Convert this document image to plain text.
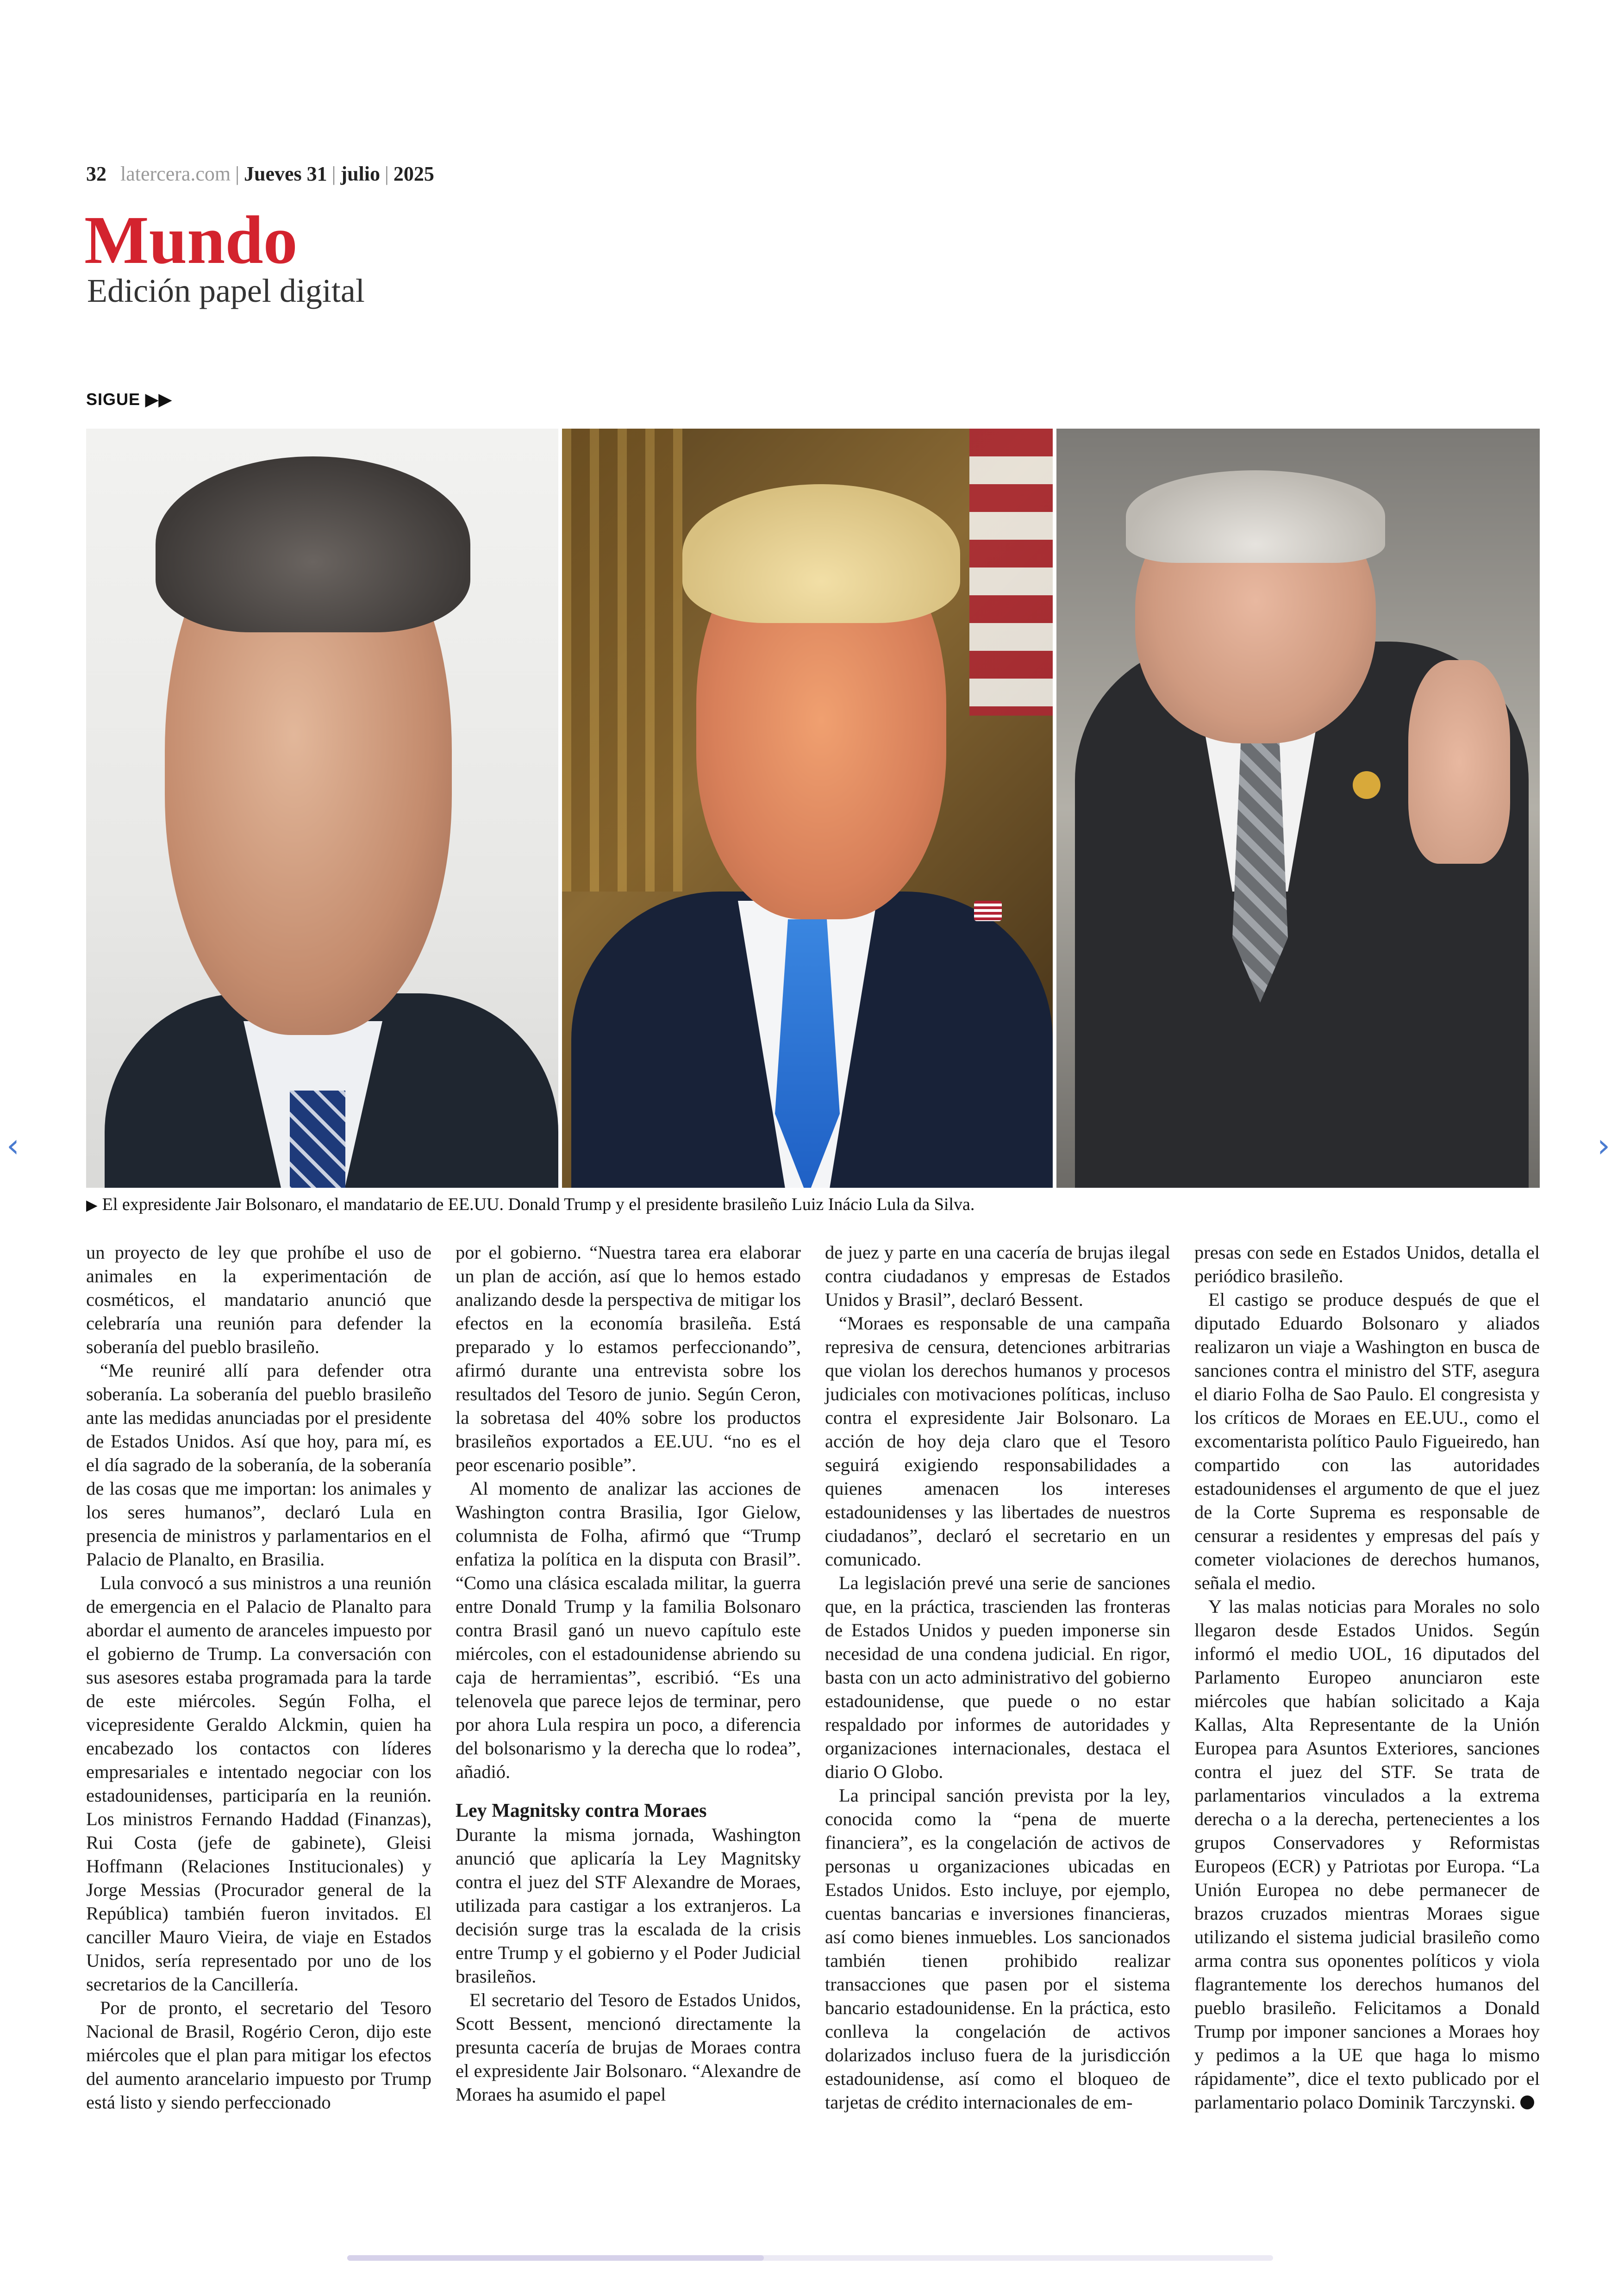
32 latercera.com | Jueves 31 | julio | 2025
Mundo
Edición papel digital
SIGUE ▶▶
‹	›
▶ El expresidente Jair Bolsonaro, el mandatario de EE.UU. Donald Trump y el presidente brasileño Luiz Inácio Lula da Silva.

un proyecto de ley que prohíbe el uso de animales en la experimentación de cosméticos, el mandatario anunció que celebraría una reunión para defender la soberanía del pueblo brasileño.

“Me reuniré allí para defender otra soberanía. La soberanía del pueblo brasileño ante las medidas anunciadas por el presidente de Estados Unidos. Así que hoy, para mí, es el día sagrado de la soberanía, de la soberanía de las cosas que me importan: los animales y los seres humanos”, declaró Lula en presencia de ministros y parlamentarios en el Palacio de Planalto, en Brasilia.

Lula convocó a sus ministros a una reunión de emergencia en el Palacio de Planalto para abordar el aumento de aranceles impuesto por el gobierno de Trump. La conversación con sus asesores estaba programada para la tarde de este miércoles. Según Folha, el vicepresidente Geraldo Alckmin, quien ha encabezado los contactos con líderes empresariales e intentado negociar con los estadounidenses, participaría en la reunión. Los ministros Fernando Haddad (Finanzas), Rui Costa (jefe de gabinete), Gleisi Hoffmann (Relaciones Institucionales) y Jorge Messias (Procurador general de la República) también fueron invitados. El canciller Mauro Vieira, de viaje en Estados Unidos, sería representado por uno de los secretarios de la Cancillería.

Por de pronto, el secretario del Tesoro Nacional de Brasil, Rogério Ceron, dijo este miércoles que el plan para mitigar los efectos del aumento arancelario impuesto por Trump está listo y siendo perfeccionado

por el gobierno. “Nuestra tarea era elaborar un plan de acción, así que lo hemos estado analizando desde la perspectiva de mitigar los efectos en la economía brasileña. Está preparado y lo estamos perfeccionando”, afirmó durante una entrevista sobre los resultados del Tesoro de junio. Según Ceron, la sobretasa del 40% sobre los productos brasileños exportados a EE.UU. “no es el peor escenario posible”.

Al momento de analizar las acciones de Washington contra Brasilia, Igor Gielow, columnista de Folha, afirmó que “Trump enfatiza la política en la disputa con Brasil”. “Como una clásica escalada militar, la guerra entre Donald Trump y la familia Bolsonaro contra Brasil ganó un nuevo capítulo este miércoles, con el estadounidense abriendo su caja de herramientas”, escribió. “Es una telenovela que parece lejos de terminar, pero por ahora Lula respira un poco, a diferencia del bolsonarismo y la derecha que lo rodea”, añadió.

Ley Magnitsky contra Moraes

Durante la misma jornada, Washington anunció que aplicaría la Ley Magnitsky contra el juez del STF Alexandre de Moraes, utilizada para castigar a los extranjeros. La decisión surge tras la escalada de la crisis entre Trump y el gobierno y el Poder Judicial brasileños.

El secretario del Tesoro de Estados Unidos, Scott Bessent, mencionó directamente la presunta cacería de brujas de Moraes contra el expresidente Jair Bolsonaro. “Alexandre de Moraes ha asumido el papel

de juez y parte en una cacería de brujas ilegal contra ciudadanos y empresas de Estados Unidos y Brasil”, declaró Bessent.

“Moraes es responsable de una campaña represiva de censura, detenciones arbitrarias que violan los derechos humanos y procesos judiciales con motivaciones políticas, incluso contra el expresidente Jair Bolsonaro. La acción de hoy deja claro que el Tesoro seguirá exigiendo responsabilidades a quienes amenacen los intereses estadounidenses y las libertades de nuestros ciudadanos”, declaró el secretario en un comunicado.

La legislación prevé una serie de sanciones que, en la práctica, trascienden las fronteras de Estados Unidos y pueden imponerse sin necesidad de una condena judicial. En rigor, basta con un acto administrativo del gobierno estadounidense, que puede o no estar respaldado por informes de autoridades y organizaciones internacionales, destaca el diario O Globo.

La principal sanción prevista por la ley, conocida como la “pena de muerte financiera”, es la congelación de activos de personas u organizaciones ubicadas en Estados Unidos. Esto incluye, por ejemplo, cuentas bancarias e inversiones financieras, así como bienes inmuebles. Los sancionados también tienen prohibido realizar transacciones que pasen por el sistema bancario estadounidense. En la práctica, esto conlleva la congelación de activos dolarizados incluso fuera de la jurisdicción estadounidense, así como el bloqueo de tarjetas de crédito internacionales de em-

presas con sede en Estados Unidos, detalla el periódico brasileño.

El castigo se produce después de que el diputado Eduardo Bolsonaro y aliados realizaron un viaje a Washington en busca de sanciones contra el ministro del STF, asegura el diario Folha de Sao Paulo. El congresista y los críticos de Moraes en EE.UU., como el excomentarista político Paulo Figueiredo, han compartido con las autoridades estadounidenses el argumento de que el juez de la Corte Suprema es responsable de censurar a residentes y empresas del país y cometer violaciones de derechos humanos, señala el medio.

Y las malas noticias para Morales no solo llegaron desde Estados Unidos. Según informó el medio UOL, 16 diputados del Parlamento Europeo anunciaron este miércoles que habían solicitado a Kaja Kallas, Alta Representante de la Unión Europea para Asuntos Exteriores, sanciones contra el juez del STF. Se trata de parlamentarios vinculados a la extrema derecha o a la derecha, pertenecientes a los grupos Conservadores y Reformistas Europeos (ECR) y Patriotas por Europa. “La Unión Europea no debe permanecer de brazos cruzados mientras Moraes sigue utilizando el sistema judicial brasileño como arma contra sus oponentes políticos y viola flagrantemente los derechos humanos del pueblo brasileño. Felicitamos a Donald Trump por imponer sanciones a Moraes hoy y pedimos a la UE que haga lo mismo rápidamente”, dice el texto publicado por el parlamentario polaco Dominik Tarczynski.
